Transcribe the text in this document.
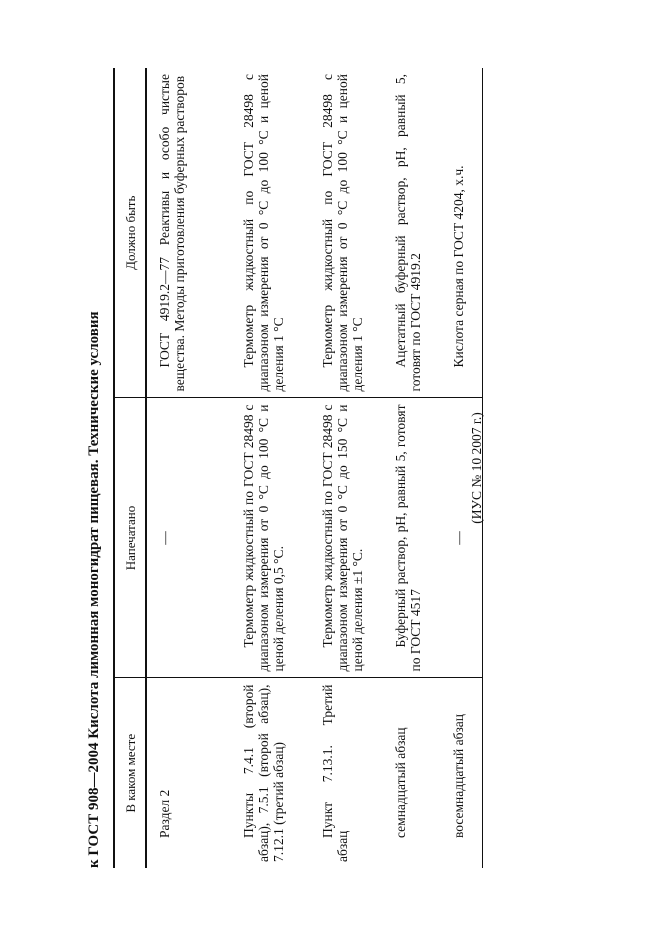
к ГОСТ 908—2004 Кислота лимонная моногидрат пищевая. Технические условия	В каком месте	Напечатано	Должно быть

Раздел 2	—	ГОСТ 4919.2—77 Реактивы и особо чистые вещества. Методы приготовления буферных растворов

Пункты 7.4.1 (второй абзац), 7.5.1 (второй абзац), 7.12.1 (третий абзац)	Термометр жидкостный по ГОСТ 28498 с диапазоном измерения от 0 °С до 100 °С и ценой деления 0,5 °С.	Термометр жидкостный по ГОСТ 28498 с диапазоном измерения от 0 °С до 100 °С и ценой деления 1 °С

Пункт 7.13.1. Третий абзац	Термометр жидкостный по ГОСТ 28498 с диапазоном измерения от 0 °С до 150 °С и ценой деления ±1 °С.	Термометр жидкостный по ГОСТ 28498 с диапазоном измерения от 0 °С до 100 °С и ценой деления 1 °С

семнадцатый абзац	Буферный раствор, рН, равный 5, готовят по ГОСТ 4517	Ацетатный буферный раствор, рН, равный 5, готовят по ГОСТ 4919.2

восемнадцатый абзац	—	Кислота серная по ГОСТ 4204, х.ч.
(ИУС № 10 2007 г.)
